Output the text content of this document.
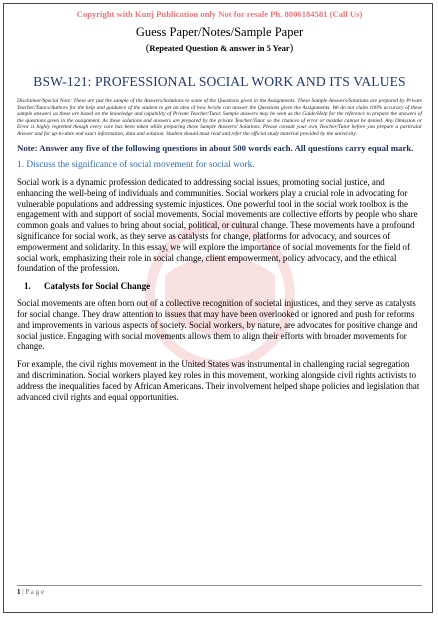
Copyright with Kunj Publication only Not for resale Ph. 8006184581 (Call Us)
Guess Paper/Notes/Sample Paper
(Repeated Question & answer in 5 Year)
BSW-121: PROFESSIONAL SOCIAL WORK AND ITS VALUES
Disclaimer/Special Note: These are just the sample of the Answers/Solutions to some of the Questions given in the Assignments. These Sample Answers/Solutions are prepared by Private Teacher/Tutors/Authors for the help and guidance of the student to get an idea of how he/she can answer the Questions given the Assignments. We do not claim 100% accuracy of these sample answers as these are based on the knowledge and capability of Private Teacher/Tutor. Sample answers may be seen as the Guide/Help for the reference to prepare the answers of the questions given in the assignment. As these solutions and answers are prepared by the private Teacher/Tutor so the chances of error or mistake cannot be denied. Any Omission or Error is highly regretted though every care has been taken while preparing these Sample Answers/ Solutions. Please consult your own Teacher/Tutor before you prepare a particular Answer and for up-to-date and exact information, data and solution. Student should must read and refer the official study material provided by the university.
Note: Answer any five of the following questions in about 500 words each. All questions carry equal mark.
1. Discuss the significance of social movement for social work.
Social work is a dynamic profession dedicated to addressing social issues, promoting social justice, and enhancing the well-being of individuals and communities. Social workers play a crucial role in advocating for vulnerable populations and addressing systemic injustices. One powerful tool in the social work toolbox is the engagement with and support of social movements. Social movements are collective efforts by people who share common goals and values to bring about social, political, or cultural change. These movements have a profound significance for social work, as they serve as catalysts for change, platforms for advocacy, and sources of empowerment and solidarity. In this essay, we will explore the importance of social movements for the field of social work, emphasizing their role in social change, client empowerment, policy advocacy, and the ethical foundation of the profession.
1. Catalysts for Social Change
Social movements are often born out of a collective recognition of societal injustices, and they serve as catalysts for social change. They draw attention to issues that may have been overlooked or ignored and push for reforms and improvements in various aspects of society. Social workers, by nature, are advocates for positive change and social justice. Engaging with social movements allows them to align their efforts with broader movements for change.
For example, the civil rights movement in the United States was instrumental in challenging racial segregation and discrimination. Social workers played key roles in this movement, working alongside civil rights activists to address the inequalities faced by African Americans. Their involvement helped shape policies and legislation that advanced civil rights and equal opportunities.
1 | P a g e
